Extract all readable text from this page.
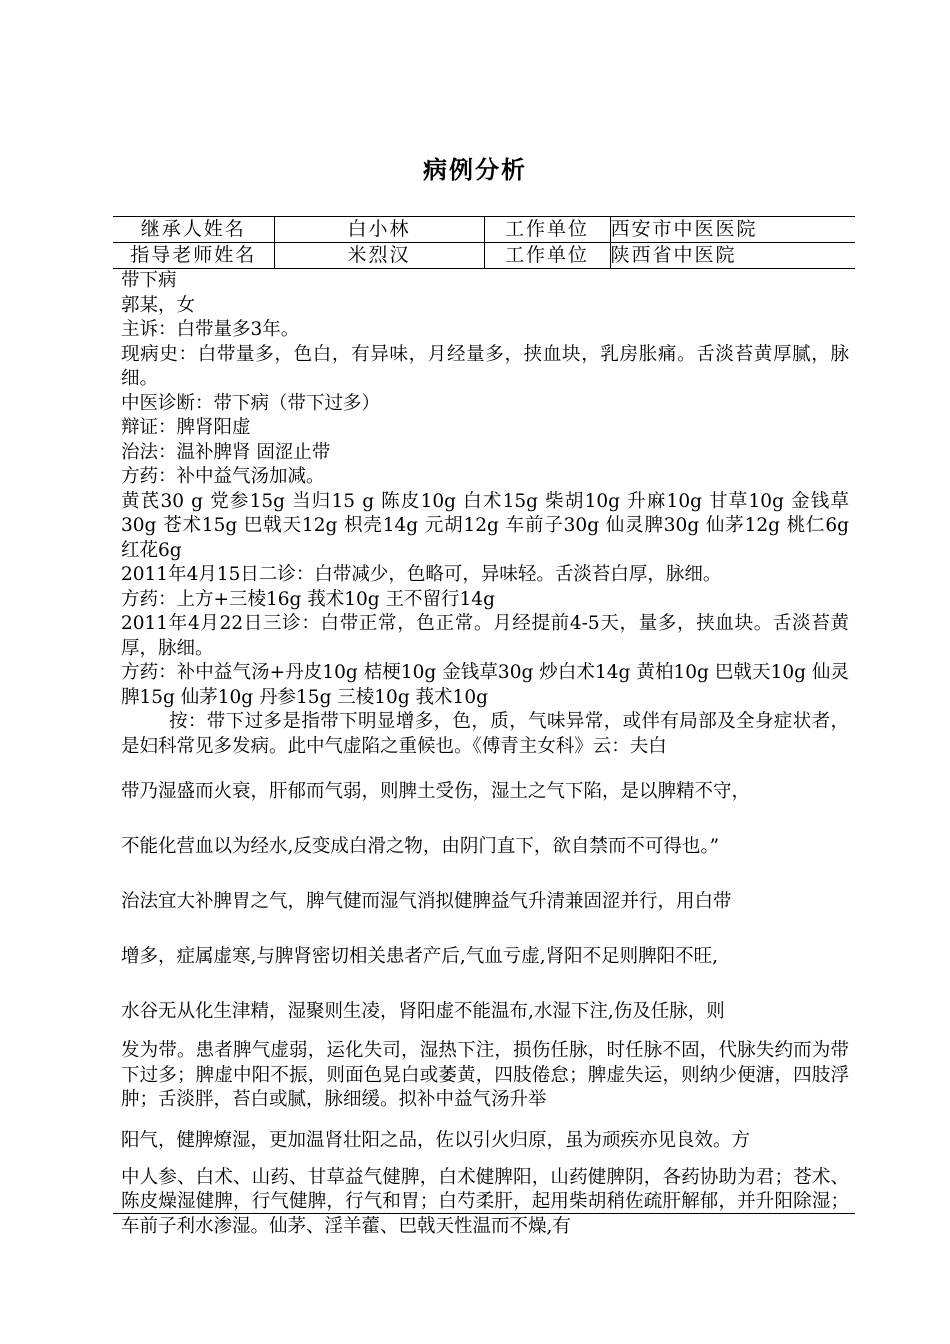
病例分析
继承人姓名	白小林	工作单位	西安市中医医院
指导老师姓名	米烈汉	工作单位	陕西省中医院

带下病

郭某，女

主诉：白带量多3年。

现病史：白带量多，色白，有异味，月经量多，挟血块，乳房胀痛。舌淡苔黄厚腻，脉细。

中医诊断：带下病（带下过多）

辩证：脾肾阳虚

治法：温补脾肾 固涩止带

方药：补中益气汤加减。

黄芪30 g 党参15g 当归15 g 陈皮10g 白术15g 柴胡10g 升麻10g 甘草10g 金钱草30g 苍术15g 巴戟天12g 枳壳14g 元胡12g 车前子30g 仙灵脾30g 仙茅12g 桃仁6g 红花6g

2011年4月15日二诊：白带减少，色略可，异味轻。舌淡苔白厚，脉细。

方药：上方+三棱16g 莪术10g 王不留行14g

2011年4月22日三诊：白带正常，色正常。月经提前4-5天，量多，挟血块。舌淡苔黄厚，脉细。

方药：补中益气汤+丹皮10g 桔梗10g 金钱草30g 炒白术14g 黄柏10g 巴戟天10g 仙灵脾15g 仙茅10g 丹参15g 三棱10g 莪术10g

按：带下过多是指带下明显增多，色，质，气味异常，或伴有局部及全身症状者，是妇科常见多发病。此中气虚陷之重候也。《傅青主女科》云：夫白

带乃湿盛而火衰，肝郁而气弱，则脾土受伤，湿土之气下陷，是以脾精不守，

不能化营血以为经水,反变成白滑之物，由阴门直下，欲自禁而不可得也。”

治法宜大补脾胃之气，脾气健而湿气消拟健脾益气升清兼固涩并行，用白带

增多，症属虚寒,与脾肾密切相关患者产后,气血亏虚,肾阳不足则脾阳不旺,

水谷无从化生津精，湿聚则生凌，肾阳虚不能温布,水湿下注,伤及任脉，则

发为带。患者脾气虚弱，运化失司，湿热下注，损伤任脉，时任脉不固，代脉失约而为带下过多；脾虚中阳不振，则面色晃白或萎黄，四肢倦怠；脾虚失运，则纳少便溏，四肢浮肿；舌淡胖，苔白或腻，脉细缓。拟补中益气汤升举

阳气，健脾燎湿，更加温肾壮阳之品，佐以引火归原，虽为顽疾亦见良效。方

中人参、白术、山药、甘草益气健脾，白术健脾阳，山药健脾阴，各药协助为君；苍术、陈皮燥湿健脾，行气健脾，行气和胃；白芍柔肝，起用柴胡稍佐疏肝解郁，并升阳除湿；车前子利水渗湿。仙茅、淫羊藿、巴戟天性温而不燥,有
